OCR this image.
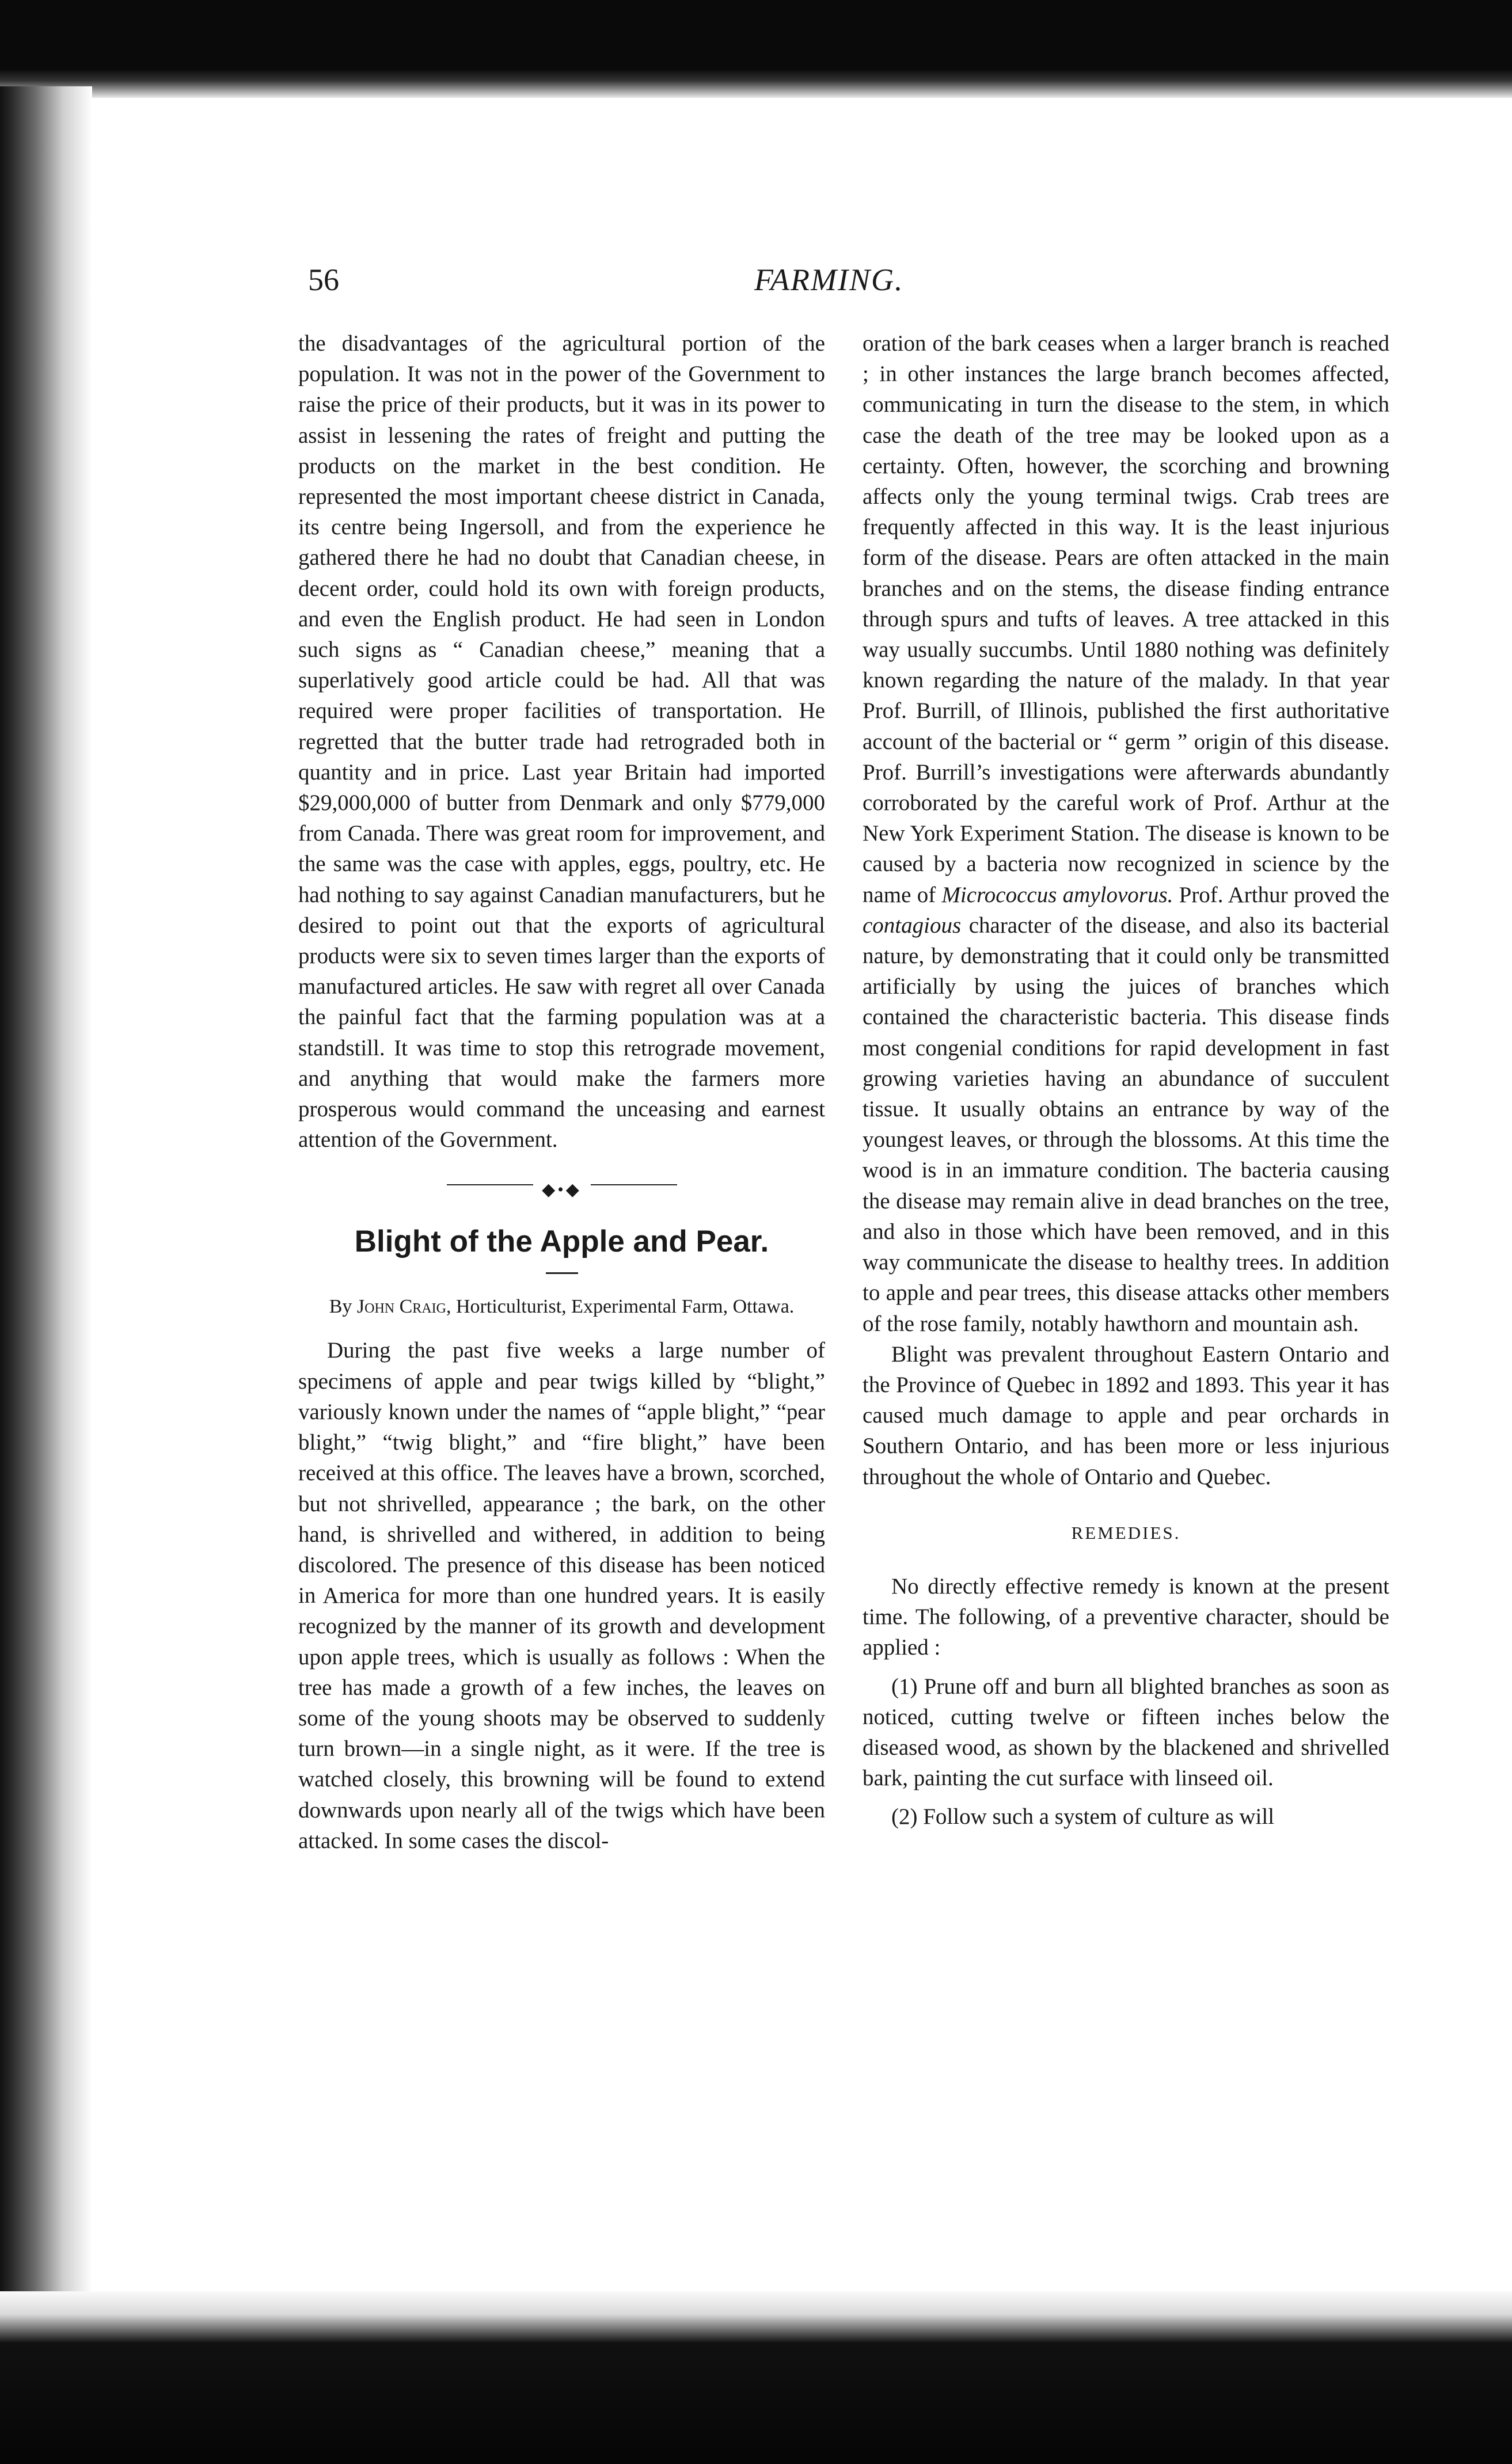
56	FARMING.

the disadvantages of the agricultural portion of the population. It was not in the power of the Government to raise the price of their products, but it was in its power to assist in lessening the rates of freight and putting the products on the market in the best condition. He represented the most important cheese district in Canada, its centre being Ingersoll, and from the experience he gathered there he had no doubt that Canadian cheese, in decent order, could hold its own with foreign products, and even the English product. He had seen in London such signs as “ Canadian cheese,” meaning that a superlatively good article could be had. All that was required were proper facilities of transportation. He regretted that the butter trade had retrograded both in quantity and in price. Last year Britain had imported $29,000,000 of butter from Denmark and only $779,000 from Canada. There was great room for improvement, and the same was the case with apples, eggs, poultry, etc. He had nothing to say against Canadian manufacturers, but he desired to point out that the exports of agricultural products were six to seven times larger than the exports of manufactured articles. He saw with regret all over Canada the painful fact that the farming population was at a standstill. It was time to stop this retrograde movement, and anything that would make the farmers more prosperous would command the unceasing and earnest attention of the Government.

◆•◆
Blight of the Apple and Pear.
By John Craig, Horticulturist, Experimental Farm, Ottawa.

During the past five weeks a large number of specimens of apple and pear twigs killed by “blight,” variously known under the names of “apple blight,” “pear blight,” “twig blight,” and “fire blight,” have been received at this office. The leaves have a brown, scorched, but not shrivelled, appearance ; the bark, on the other hand, is shrivelled and withered, in addition to being discolored. The presence of this disease has been noticed in America for more than one hundred years. It is easily recognized by the manner of its growth and development upon apple trees, which is usually as follows : When the tree has made a growth of a few inches, the leaves on some of the young shoots may be observed to suddenly turn brown—in a single night, as it were. If the tree is watched closely, this browning will be found to extend downwards upon nearly all of the twigs which have been attacked. In some cases the discol-

oration of the bark ceases when a larger branch is reached ; in other instances the large branch becomes affected, communicating in turn the disease to the stem, in which case the death of the tree may be looked upon as a certainty. Often, however, the scorching and browning affects only the young terminal twigs. Crab trees are frequently affected in this way. It is the least injurious form of the disease. Pears are often attacked in the main branches and on the stems, the disease finding entrance through spurs and tufts of leaves. A tree attacked in this way usually succumbs. Until 1880 nothing was definitely known regarding the nature of the malady. In that year Prof. Burrill, of Illinois, published the first authoritative account of the bacterial or “ germ ” origin of this disease. Prof. Burrill’s investigations were afterwards abundantly corroborated by the careful work of Prof. Arthur at the New York Experiment Station. The disease is known to be caused by a bacteria now recognized in science by the name of Micrococcus amylovorus. Prof. Arthur proved the contagious character of the disease, and also its bacterial nature, by demonstrating that it could only be transmitted artificially by using the juices of branches which contained the characteristic bacteria. This disease finds most congenial conditions for rapid development in fast growing varieties having an abundance of succulent tissue. It usually obtains an entrance by way of the youngest leaves, or through the blossoms. At this time the wood is in an immature condition. The bacteria causing the disease may remain alive in dead branches on the tree, and also in those which have been removed, and in this way communicate the disease to healthy trees. In addition to apple and pear trees, this disease attacks other members of the rose family, notably hawthorn and mountain ash.

Blight was prevalent throughout Eastern Ontario and the Province of Quebec in 1892 and 1893. This year it has caused much damage to apple and pear orchards in Southern Ontario, and has been more or less injurious throughout the whole of Ontario and Quebec.

REMEDIES.

No directly effective remedy is known at the present time. The following, of a preventive character, should be applied :

(1) Prune off and burn all blighted branches as soon as noticed, cutting twelve or fifteen inches below the diseased wood, as shown by the blackened and shrivelled bark, painting the cut surface with linseed oil.

(2) Follow such a system of culture as will
